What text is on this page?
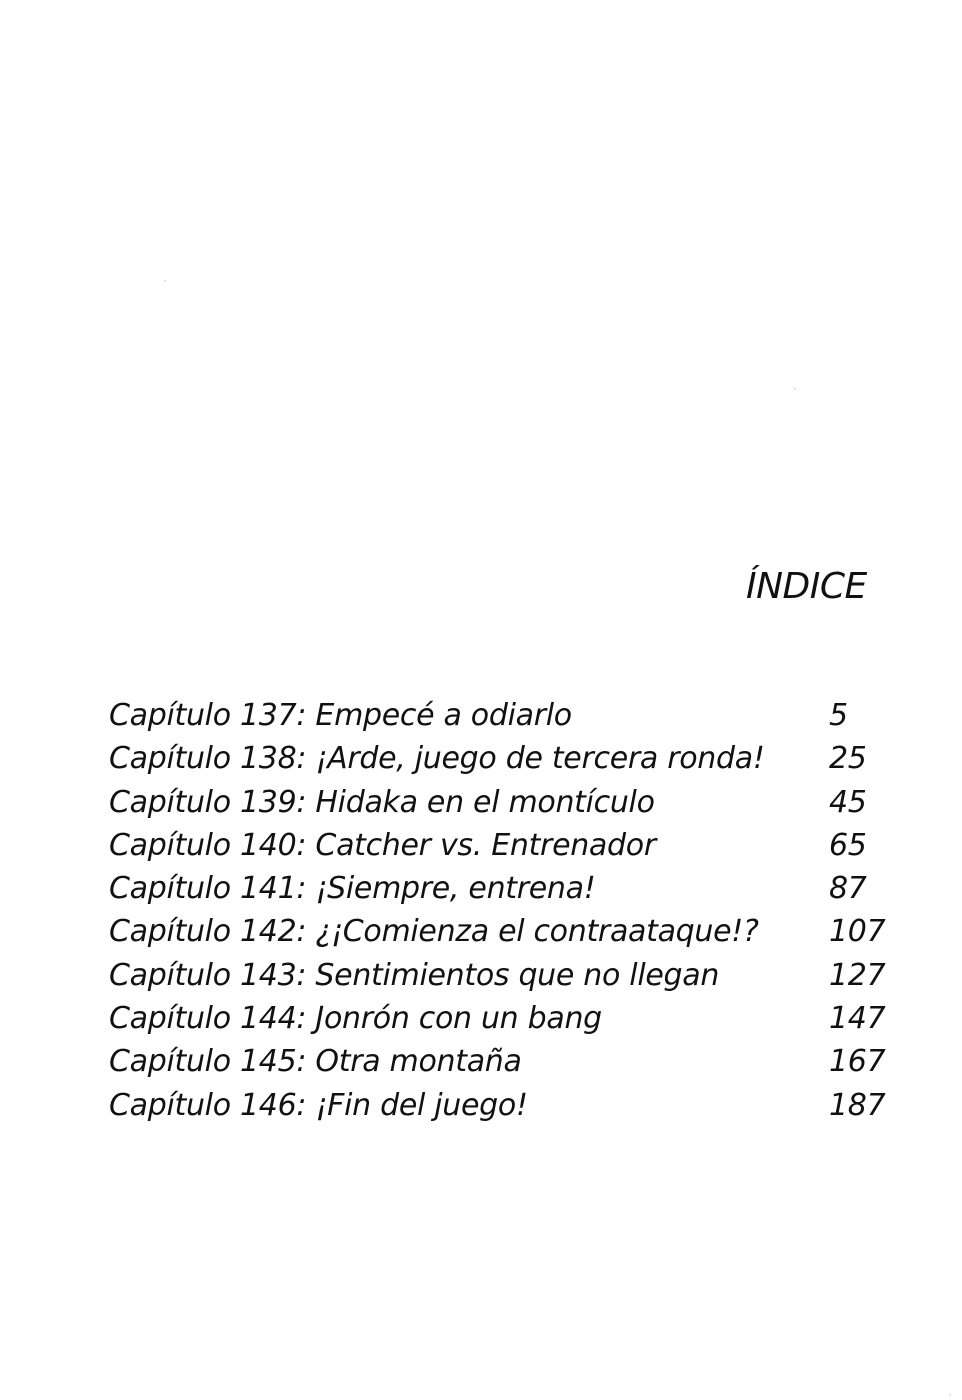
ÍNDICE
Capítulo 137: Empecé a odiarlo	5
Capítulo 138: ¡Arde, juego de tercera ronda! 25
Capítulo 139: Hidaka en el montículo	45
Capítulo 140: Catcher vs. Entrenador	65
Capítulo 141: ¡Siempre, entrena!	87
Capítulo 142: ¿¡Comienza el contraataque!? 107
Capítulo 143: Sentimientos que no llegan	127
Capítulo 144: Jonrón con un bang	147
Capítulo 145: Otra montaña	167
Capítulo 146: ¡Fin del juego!	187
